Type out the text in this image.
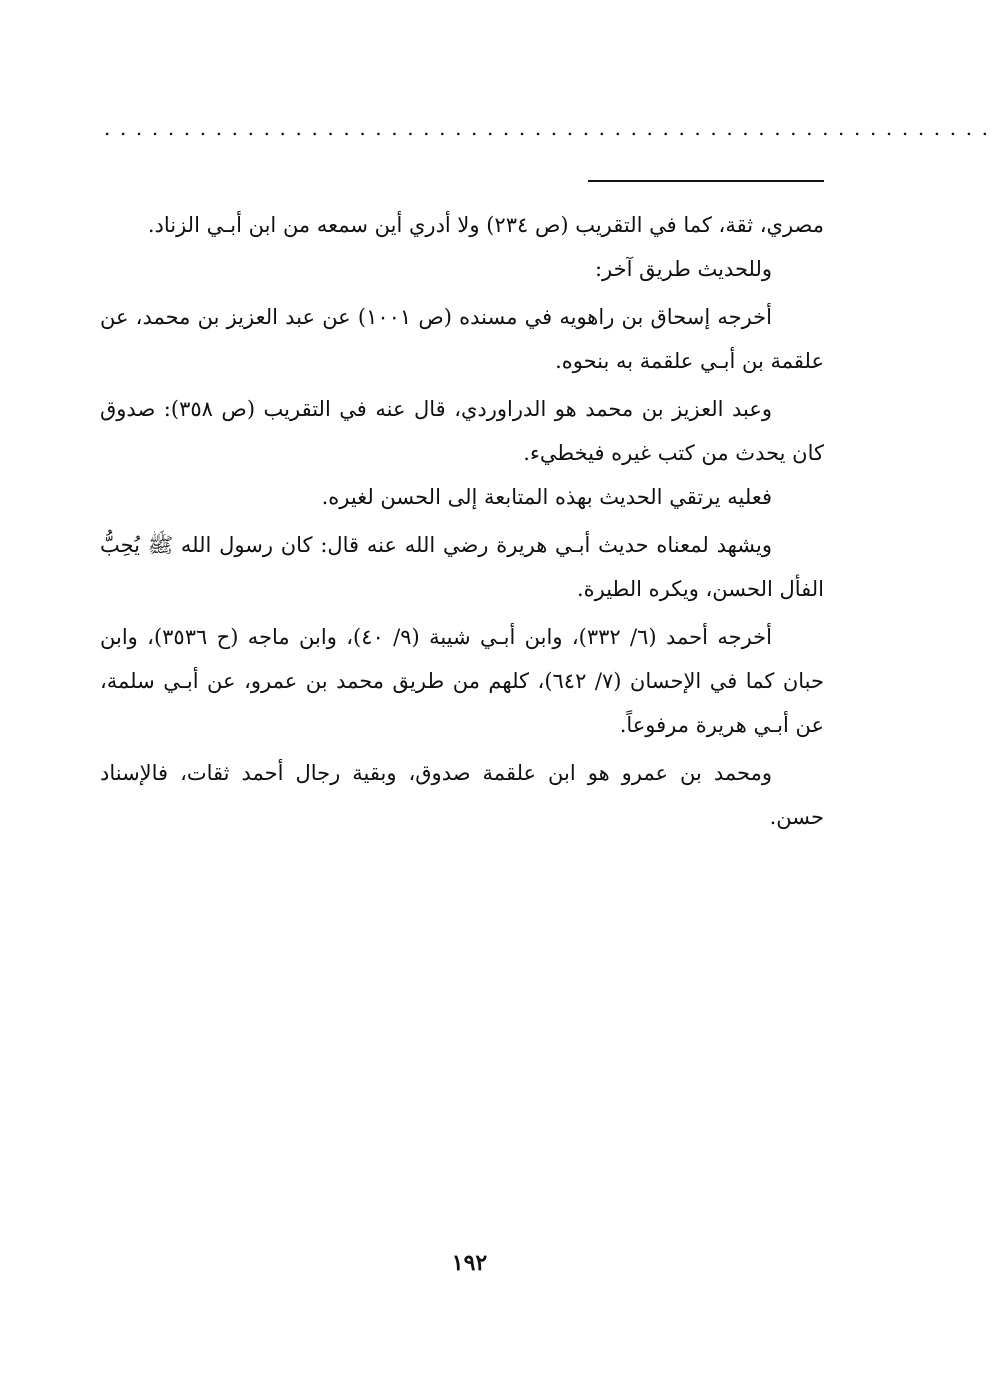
........................................................

مصري، ثقة، كما في التقريب (ص ٢٣٤) ولا أدري أين سمعه من ابن أبـي الزناد.

وللحديث طريق آخر:

أخرجه إسحاق بن راهويه في مسنده (ص ١٠٠١) عن عبد العزيز بن محمد، عن علقمة بن أبـي علقمة به بنحوه.

وعبد العزيز بن محمد هو الدراوردي، قال عنه في التقريب (ص ٣٥٨): صدوق كان يحدث من كتب غيره فيخطيء.

فعليه يرتقي الحديث بهذه المتابعة إلى الحسن لغيره.

ويشهد لمعناه حديث أبـي هريرة رضي الله عنه قال: كان رسول الله ﷺ يُحِبُّ الفأل الحسن، ويكره الطيرة.

أخرجه أحمد (٦/ ٣٣٢)، وابن أبـي شيبة (٩/ ٤٠)، وابن ماجه (ح ٣٥٣٦)، وابن حبان كما في الإحسان (٧/ ٦٤٢)، كلهم من طريق محمد بن عمرو، عن أبـي سلمة، عن أبـي هريرة مرفوعاً.

ومحمد بن عمرو هو ابن علقمة صدوق، وبقية رجال أحمد ثقات، فالإسناد حسن.

١٩٢
